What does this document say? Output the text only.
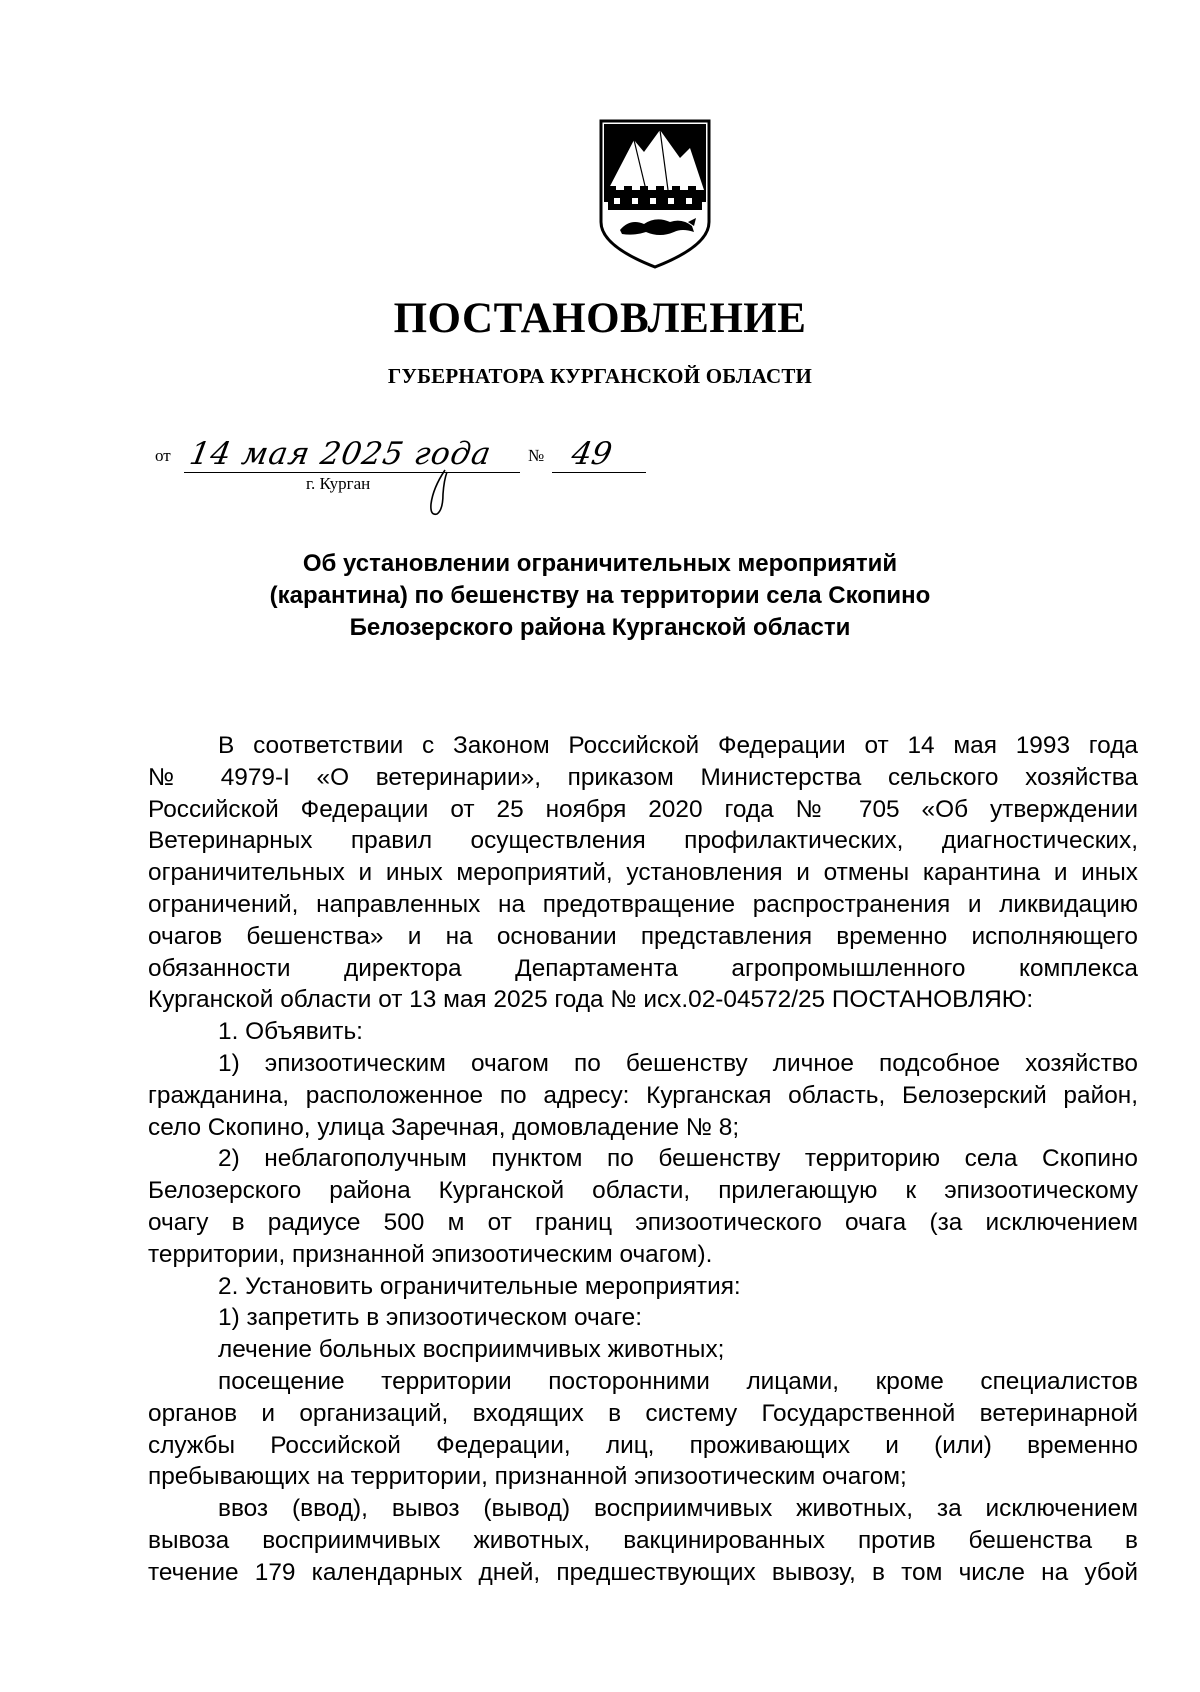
ПОСТАНОВЛЕНИЕ
ГУБЕРНАТОРА КУРГАНСКОЙ ОБЛАСТИ
от 14 мая 2025 года № 49
г. Курган
Об установлении ограничительных мероприятий
(карантина) по бешенству на территории села Скопино
Белозерского района Курганской области
В соответствии с Законом Российской Федерации от 14 мая 1993 года
№ 4979-I «О ветеринарии», приказом Министерства сельского хозяйства
Российской Федерации от 25 ноября 2020 года № 705 «Об утверждении
Ветеринарных правил осуществления профилактических, диагностических,
ограничительных и иных мероприятий, установления и отмены карантина и иных
ограничений, направленных на предотвращение распространения и ликвидацию
очагов бешенства» и на основании представления временно исполняющего
обязанности директора Департамента агропромышленного комплекса
Курганской области от 13 мая 2025 года № исх.02-04572/25 ПОСТАНОВЛЯЮ:
1. Объявить:
1) эпизоотическим очагом по бешенству личное подсобное хозяйство
гражданина, расположенное по адресу: Курганская область, Белозерский район,
село Скопино, улица Заречная, домовладение № 8;
2) неблагополучным пунктом по бешенству территорию села Скопино
Белозерского района Курганской области, прилегающую к эпизоотическому
очагу в радиусе 500 м от границ эпизоотического очага (за исключением
территории, признанной эпизоотическим очагом).
2. Установить ограничительные мероприятия:
1) запретить в эпизоотическом очаге:
лечение больных восприимчивых животных;
посещение территории посторонними лицами, кроме специалистов
органов и организаций, входящих в систему Государственной ветеринарной
службы Российской Федерации, лиц, проживающих и (или) временно
пребывающих на территории, признанной эпизоотическим очагом;
ввоз (ввод), вывоз (вывод) восприимчивых животных, за исключением
вывоза восприимчивых животных, вакцинированных против бешенства в
течение 179 календарных дней, предшествующих вывозу, в том числе на убой
